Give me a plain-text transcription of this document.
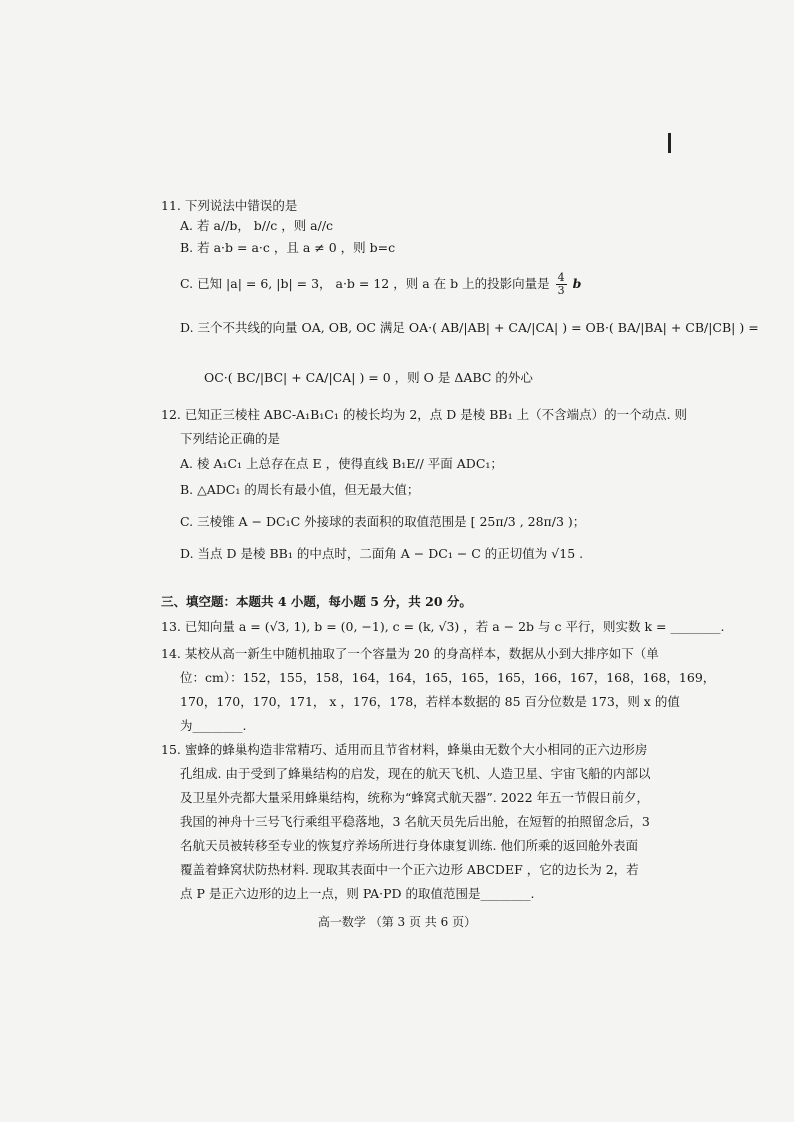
11. 下列说法中错误的是
A. 若 a//b， b//c ，则 a//c
B. 若 a·b = a·c ，且 a ≠ 0 ，则 b=c
C. 已知 |a| = 6, |b| = 3， a·b = 12 ，则 a 在 b 上的投影向量是 $\frac{4}{3}$ b
D. 三个不共线的向量 OA, OB, OC 满足 OA·( AB/|AB| + CA/|CA| ) = OB·( BA/|BA| + CB/|CB| ) =
OC·( BC/|BC| + CA/|CA| ) = 0 ，则 O 是 ΔABC 的外心
12. 已知正三棱柱 ABC-A₁B₁C₁ 的棱长均为 2，点 D 是棱 BB₁ 上（不含端点）的一个动点. 则
下列结论正确的是
A. 棱 A₁C₁ 上总存在点 E ，使得直线 B₁E// 平面 ADC₁；
B. △ADC₁ 的周长有最小值，但无最大值；
C. 三棱锥 A − DC₁C 外接球的表面积的取值范围是 [ 25π/3 , 28π/3 )；
D. 当点 D 是棱 BB₁ 的中点时，二面角 A − DC₁ − C 的正切值为 √15 .
三、填空题：本题共 4 小题，每小题 5 分，共 20 分。
13. 已知向量 a = (√3, 1), b = (0, −1), c = (k, √3) ，若 a − 2b 与 c 平行，则实数 k = ________.
14. 某校从高一新生中随机抽取了一个容量为 20 的身高样本，数据从小到大排序如下（单
位：cm）：152，155，158，164，164，165，165，165，166，167，168，168，169，
170，170，170，171， x ，176，178，若样本数据的 85 百分位数是 173，则 x 的值
为________.
15. 蜜蜂的蜂巢构造非常精巧、适用而且节省材料，蜂巢由无数个大小相同的正六边形房
孔组成. 由于受到了蜂巢结构的启发，现在的航天飞机、人造卫星、宇宙飞船的内部以
及卫星外壳都大量采用蜂巢结构，统称为“蜂窝式航天器”. 2022 年五一节假日前夕，
我国的神舟十三号飞行乘组平稳落地，3 名航天员先后出舱，在短暂的拍照留念后，3
名航天员被转移至专业的恢复疗养场所进行身体康复训练. 他们所乘的返回舱外表面
覆盖着蜂窝状防热材料. 现取其表面中一个正六边形 ABCDEF ，它的边长为 2，若
点 P 是正六边形的边上一点，则 PA·PD 的取值范围是________.
高一数学 （第 3 页 共 6 页）
